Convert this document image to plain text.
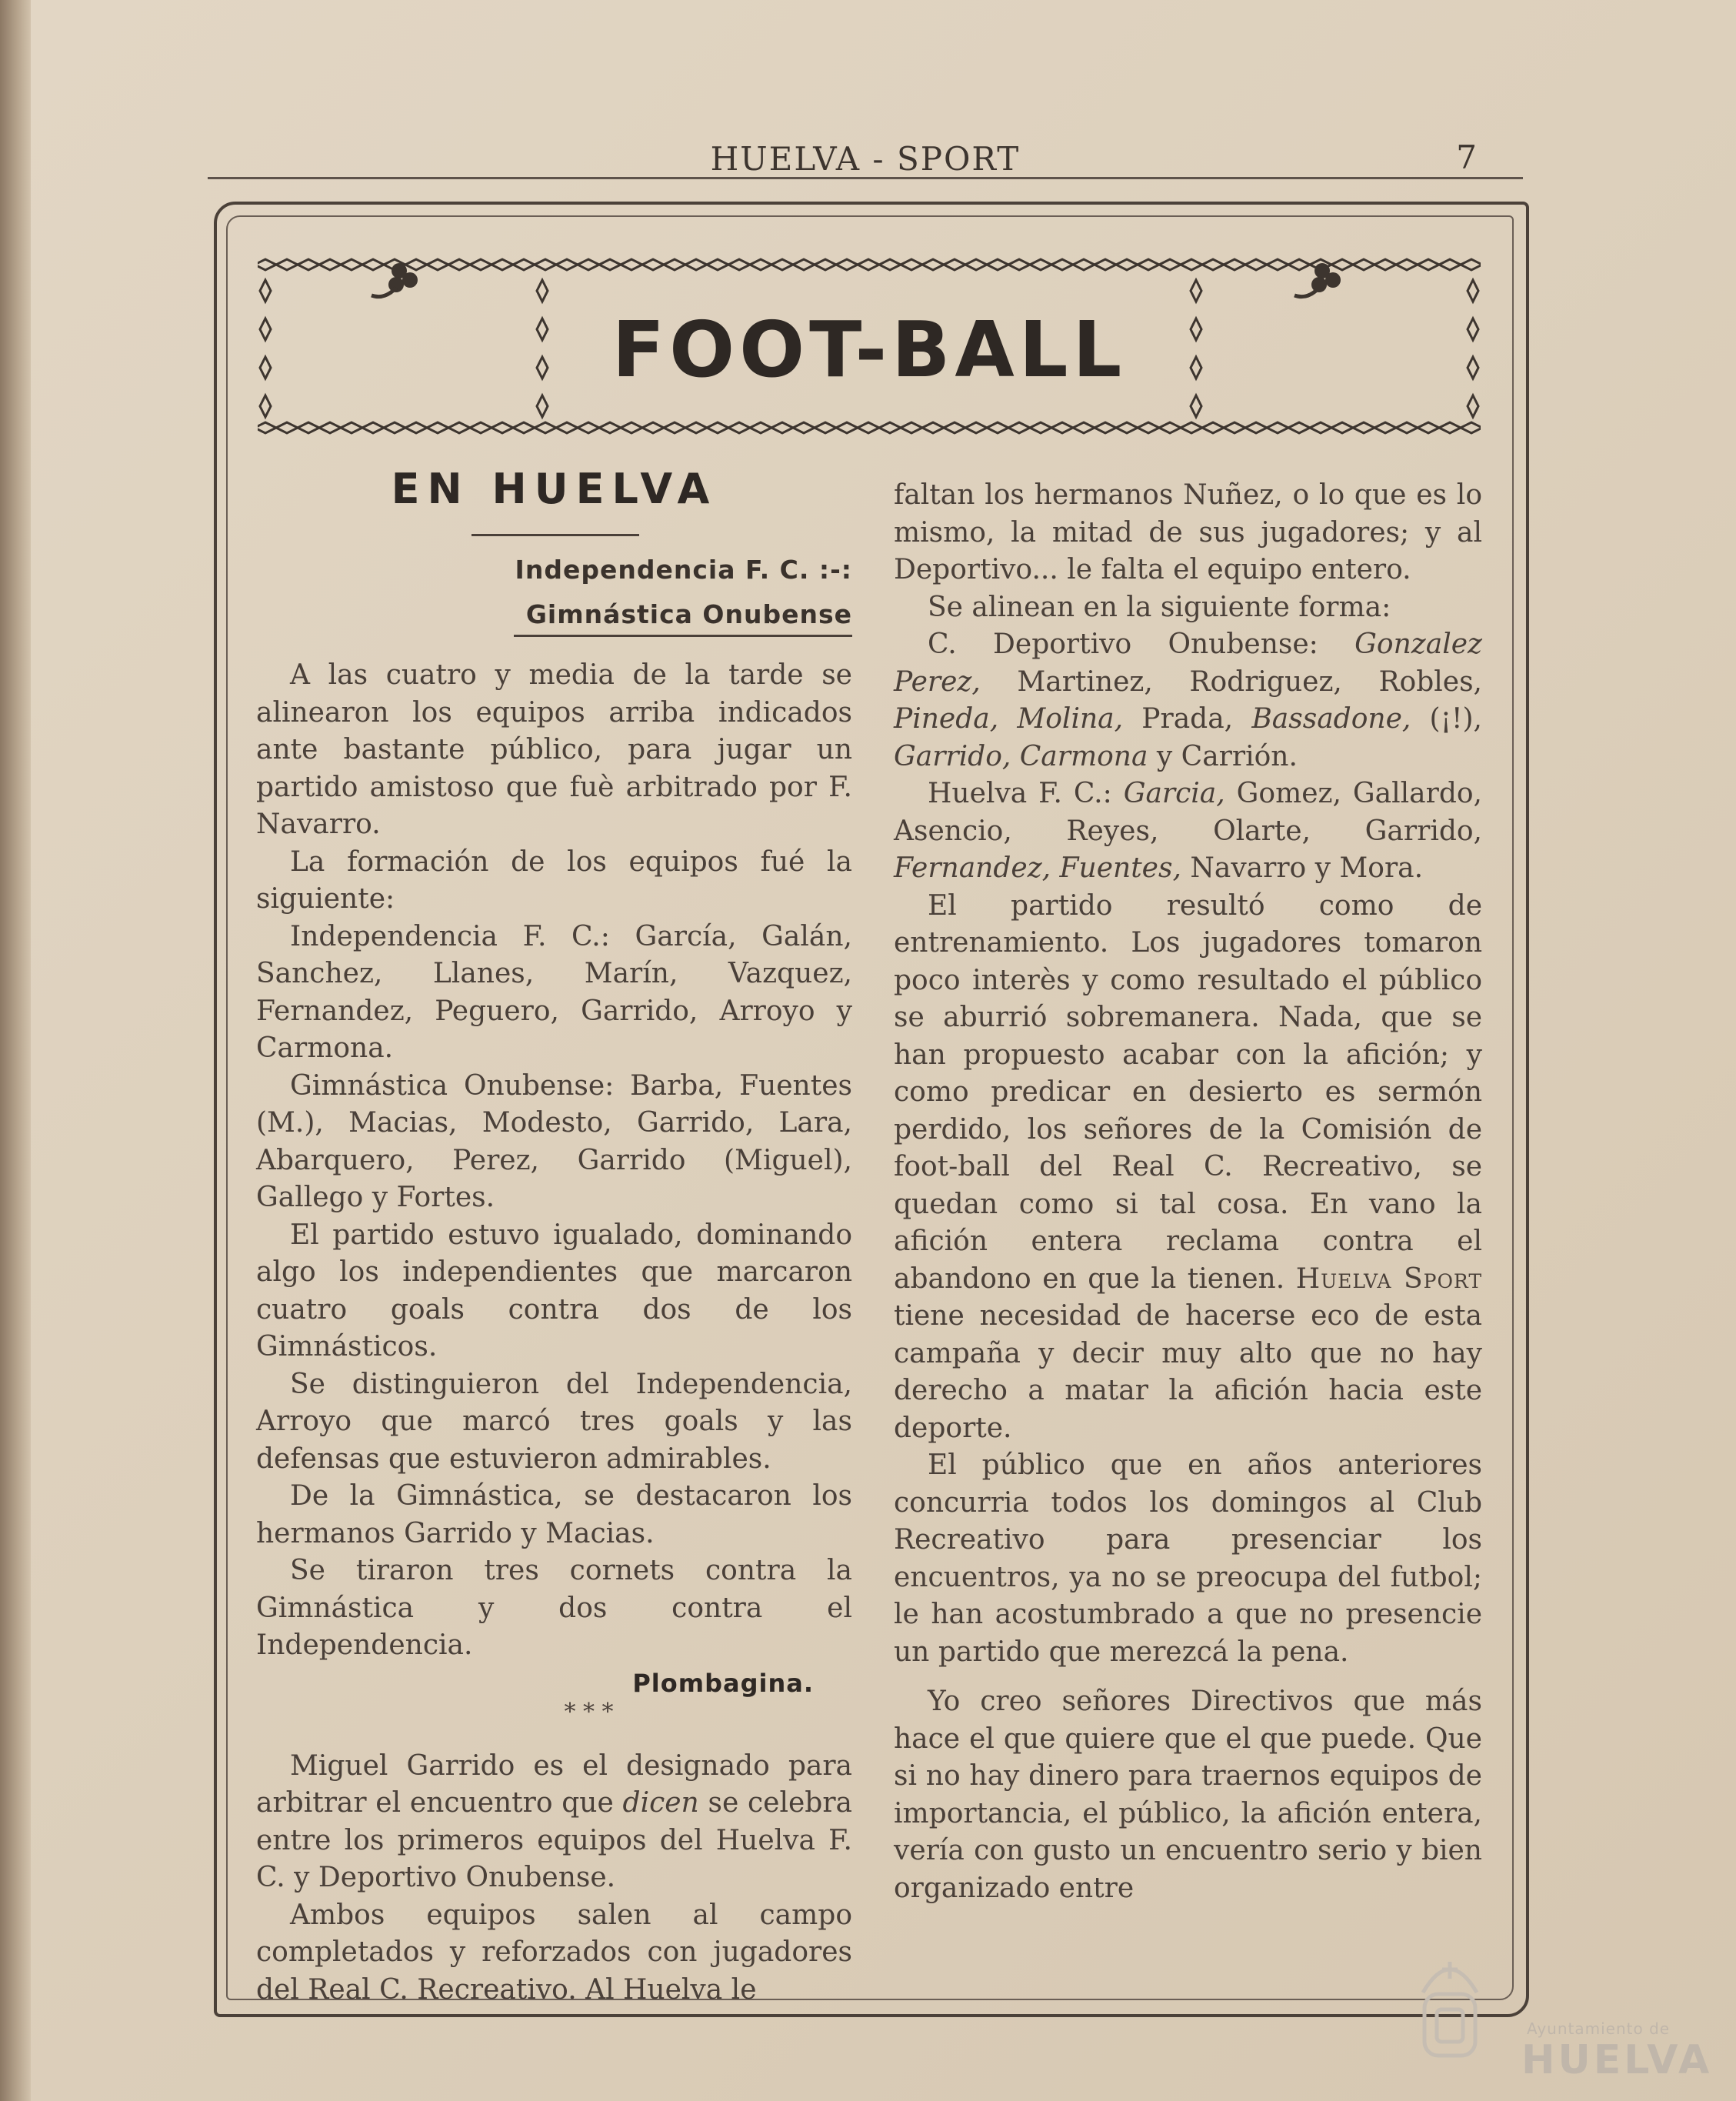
HUELVA - SPORT	7
FOOT-BALL
EN HUELVA
Independencia F. C. :-:
Gimnástica Onubense

A las cuatro y media de la tarde se alinearon los equipos arriba indicados ante bastante público, para jugar un partido amistoso que fuè arbitrado por F. Navarro.

La formación de los equipos fué la siguiente:

Independencia F. C.: García, Galán, Sanchez, Llanes, Marín, Vazquez, Fernandez, Peguero, Garrido, Arroyo y Carmona.

Gimnástica Onubense: Barba, Fuentes (M.), Macias, Modesto, Garrido, Lara, Abarquero, Perez, Garrido (Miguel), Gallego y Fortes.

El partido estuvo igualado, dominando algo los independientes que marcaron cuatro goals contra dos de los Gimnásticos.

Se distinguieron del Independencia, Arroyo que marcó tres goals y las defensas que estuvieron admirables.

De la Gimnástica, se destacaron los hermanos Garrido y Macias.

Se tiraron tres cornets contra la Gimnástica y dos contra el Independencia.

Plombagina.
* * *

Miguel Garrido es el designado para arbitrar el encuentro que dicen se celebra entre los primeros equipos del Huelva F. C. y Deportivo Onubense.

Ambos equipos salen al campo completados y reforzados con jugadores del Real C. Recreativo. Al Huelva le

faltan los hermanos Nuñez, o lo que es lo mismo, la mitad de sus jugadores; y al Deportivo... le falta el equipo entero.

Se alinean en la siguiente forma:

C. Deportivo Onubense: Gonzalez Perez, Martinez, Rodriguez, Robles, Pineda, Molina, Prada, Bassadone, (¡!), Garrido, Carmona y Carrión.

Huelva F. C.: Garcia, Gomez, Gallardo, Asencio, Reyes, Olarte, Garrido, Fernandez, Fuentes, Navarro y Mora.

El partido resultó como de entrenamiento. Los jugadores tomaron poco interès y como resultado el público se aburrió sobremanera. Nada, que se han propuesto acabar con la afición; y como predicar en desierto es sermón perdido, los señores de la Comisión de foot-ball del Real C. Recreativo, se quedan como si tal cosa. En vano la afición entera reclama contra el abandono en que la tienen. Huelva Sport tiene necesidad de hacerse eco de esta campaña y decir muy alto que no hay derecho a matar la afición hacia este deporte.

El público que en años anteriores concurria todos los domingos al Club Recreativo para presenciar los encuentros, ya no se preocupa del futbol; le han acostumbrado a que no presencie un partido que merezcá la pena.

Yo creo señores Directivos que más hace el que quiere que el que puede. Que si no hay dinero para traernos equipos de importancia, el público, la afición entera, vería con gusto un encuentro serio y bien organizado entre

Ayuntamiento de
HUELVA
